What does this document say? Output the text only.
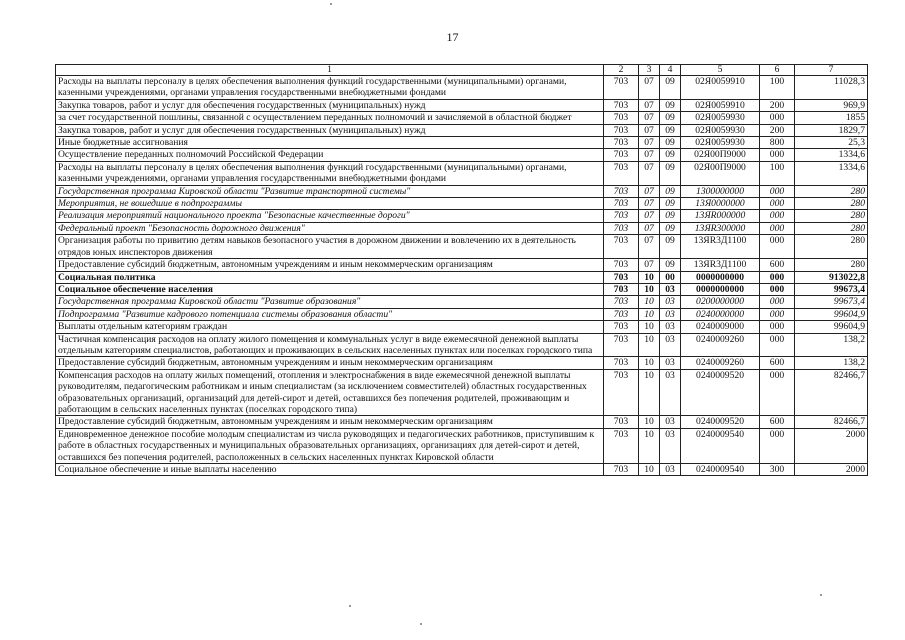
17
1	2	3	4	5	6	7
Расходы на выплаты персоналу в целях обеспечения выполнения функций государственными (муниципальными) органами, казенными учреждениями, органами управления государственными внебюджетными фондами	703	07	09	02Я0059910	100	11028,3
Закупка товаров, работ и услуг для обеспечения государственных (муниципальных) нужд	703	07	09	02Я0059910	200	969,9
за счет государственной пошлины, связанной с осуществлением переданных полномочий и зачисляемой в областной бюджет	703	07	09	02Я0059930	000	1855
Закупка товаров, работ и услуг для обеспечения государственных (муниципальных) нужд	703	07	09	02Я0059930	200	1829,7
Иные бюджетные ассигнования	703	07	09	02Я0059930	800	25,3
Осуществление переданных полномочий Российской Федерации	703	07	09	02Я00П9000	000	1334,6
Расходы на выплаты персоналу в целях обеспечения выполнения функций государственными (муниципальными) органами, казенными учреждениями, органами управления государственными внебюджетными фондами	703	07	09	02Я00П9000	100	1334,6
Государственная программа Кировской области "Развитие транспортной системы"	703	07	09	1300000000	000	280
Мероприятия, не вошедшие в подпрограммы	703	07	09	13Я0000000	000	280
Реализация мероприятий национального проекта "Безопасные качественные дороги"	703	07	09	13ЯR000000	000	280
Федеральный проект "Безопасность дорожного движения"	703	07	09	13ЯR300000	000	280
Организация работы по привитию детям навыков безопасного участия в дорожном движении и вовлечению их в деятельность отрядов юных инспекторов движения	703	07	09	13ЯR3Д1100	000	280
Предоставление субсидий бюджетным, автономным учреждениям и иным некоммерческим организациям	703	07	09	13ЯR3Д1100	600	280
Социальная политика	703	10	00	0000000000	000	913022,8
Социальное обеспечение населения	703	10	03	0000000000	000	99673,4
Государственная программа Кировской области "Развитие образования"	703	10	03	0200000000	000	99673,4
Подпрограмма "Развитие кадрового потенциала системы образования области"	703	10	03	0240000000	000	99604,9
Выплаты отдельным категориям граждан	703	10	03	0240009000	000	99604,9
Частичная компенсация расходов на оплату жилого помещения и коммунальных услуг в виде ежемесячной денежной выплаты отдельным категориям специалистов, работающих и проживающих в сельских населенных пунктах или поселках городского типа	703	10	03	0240009260	000	138,2
Предоставление субсидий бюджетным, автономным учреждениям и иным некоммерческим организациям	703	10	03	0240009260	600	138,2
Компенсация расходов на оплату жилых помещений, отопления и электроснабжения в виде ежемесячной денежной выплаты руководителям, педагогическим работникам и иным специалистам (за исключением совместителей) областных государственных образовательных организаций, организаций для детей-сирот и детей, оставшихся без попечения родителей, проживающим и работающим в сельских населенных пунктах (поселках городского типа)	703	10	03	0240009520	000	82466,7
Предоставление субсидий бюджетным, автономным учреждениям и иным некоммерческим организациям	703	10	03	0240009520	600	82466,7
Единовременное денежное пособие молодым специалистам из числа руководящих и педагогических работников, приступившим к работе в областных государственных и муниципальных образовательных организациях, организациях для детей-сирот и детей, оставшихся без попечения родителей, расположенных в сельских населенных пунктах Кировской области	703	10	03	0240009540	000	2000
Социальное обеспечение и иные выплаты населению	703	10	03	0240009540	300	2000
